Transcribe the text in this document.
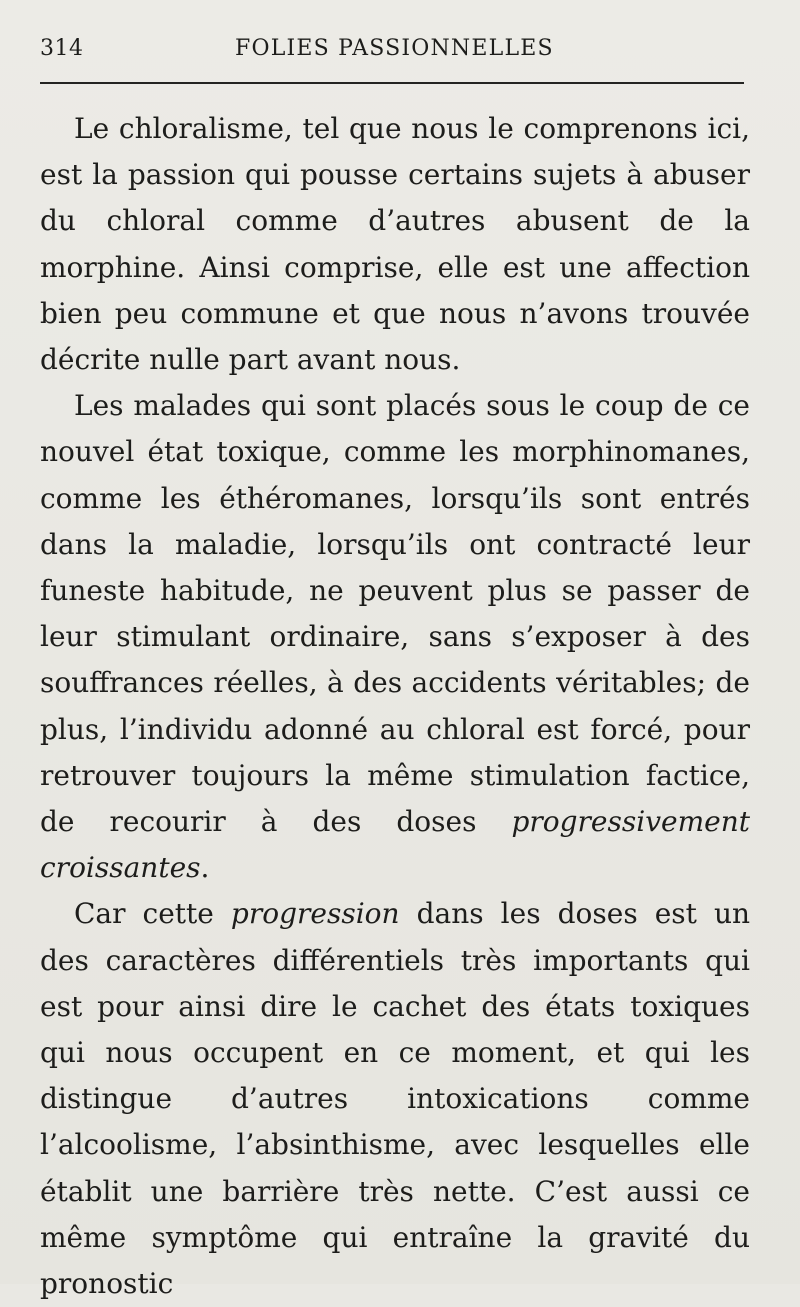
314	FOLIES PASSIONNELLES

Le chloralisme, tel que nous le comprenons ici, est la passion qui pousse certains sujets à abuser du chloral comme d’autres abusent de la morphine. Ainsi comprise, elle est une affection bien peu commune et que nous n’avons trouvée décrite nulle part avant nous.

Les malades qui sont placés sous le coup de ce nouvel état toxique, comme les morphinomanes, comme les éthéromanes, lorsqu’ils sont entrés dans la maladie, lorsqu’ils ont contracté leur funeste habitude, ne peuvent plus se passer de leur stimulant ordinaire, sans s’exposer à des souffrances réelles, à des accidents véritables; de plus, l’individu adonné au chloral est forcé, pour retrouver toujours la même stimulation factice, de recourir à des doses progressivement croissantes.

Car cette progression dans les doses est un des caractères différentiels très importants qui est pour ainsi dire le cachet des états toxiques qui nous occupent en ce moment, et qui les distingue d’autres intoxications comme l’alcoolisme, l’absinthisme, avec lesquelles elle établit une barrière très nette. C’est aussi ce même symptôme qui entraîne la gravité du pronostic
